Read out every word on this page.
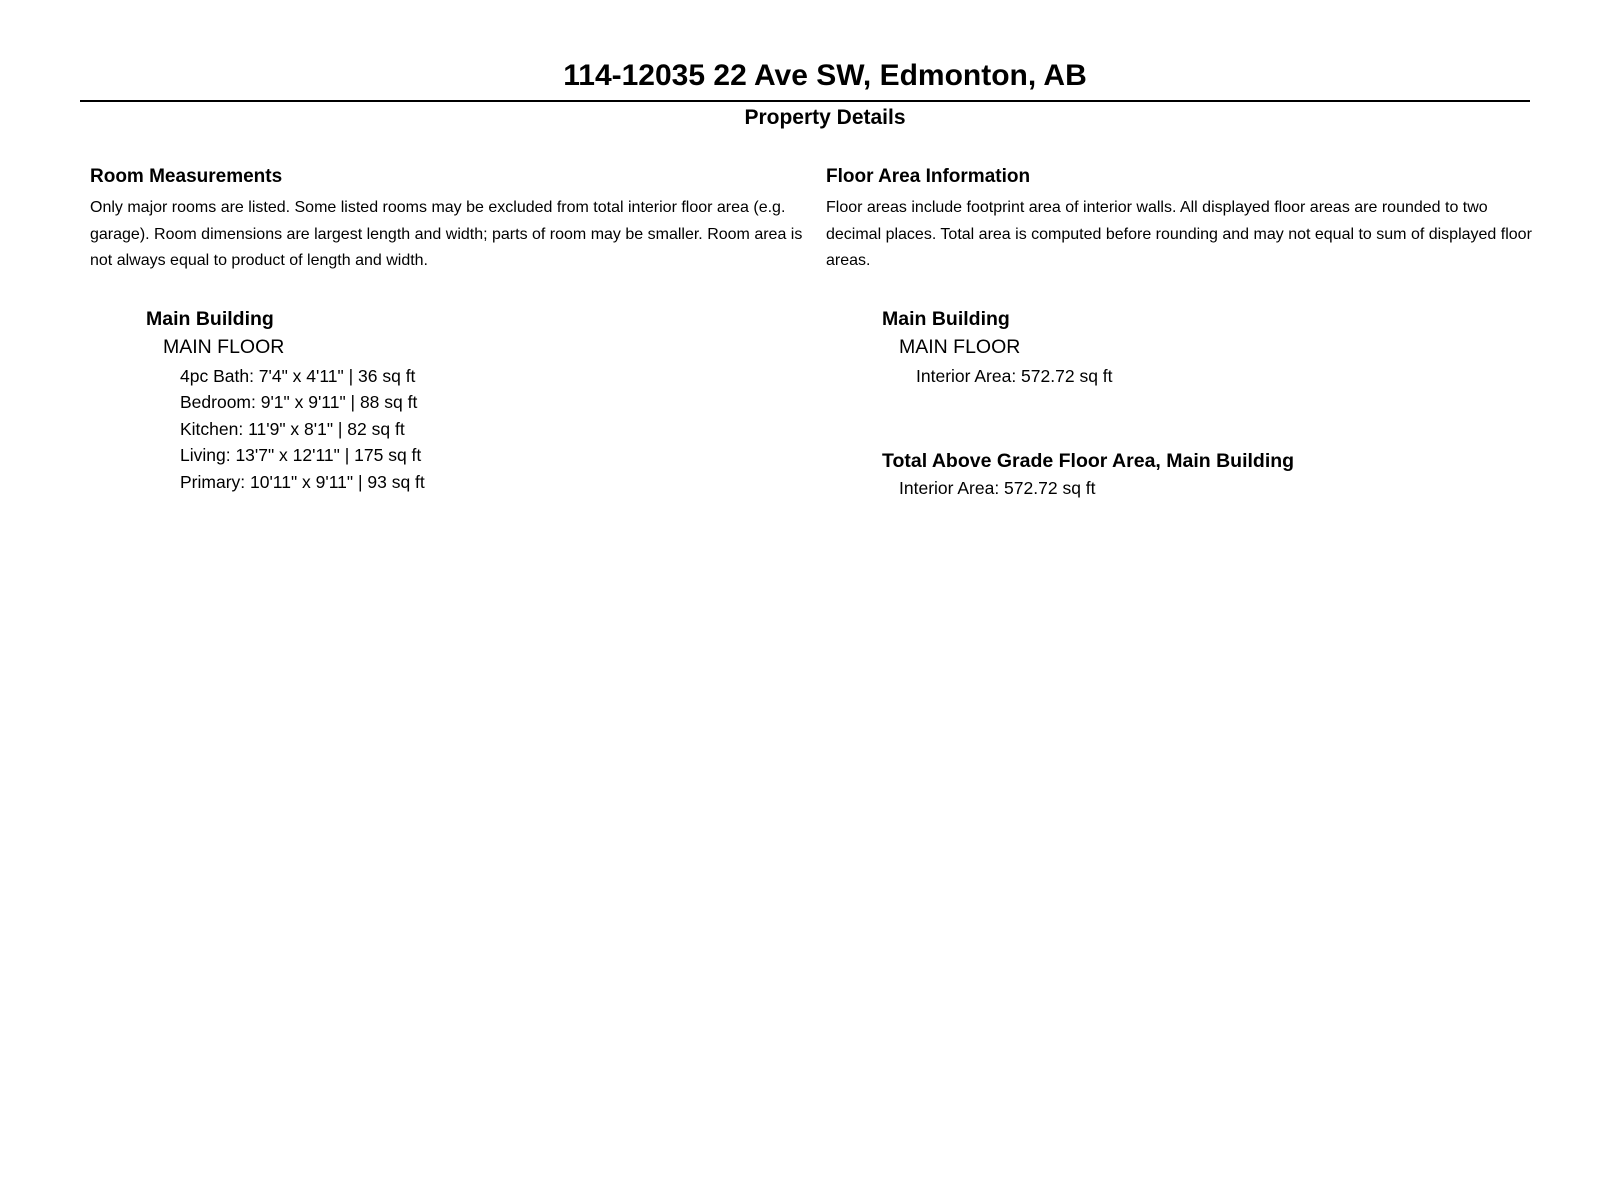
114-12035 22 Ave SW, Edmonton, AB
Property Details
Room Measurements
Only major rooms are listed. Some listed rooms may be excluded from total interior floor area (e.g. garage). Room dimensions are largest length and width; parts of room may be smaller. Room area is not always equal to product of length and width.
Main Building
MAIN FLOOR
4pc Bath: 7'4" x 4'11" | 36 sq ft
Bedroom: 9'1" x 9'11" | 88 sq ft
Kitchen: 11'9" x 8'1" | 82 sq ft
Living: 13'7" x 12'11" | 175 sq ft
Primary: 10'11" x 9'11" | 93 sq ft
Floor Area Information
Floor areas include footprint area of interior walls. All displayed floor areas are rounded to two decimal places. Total area is computed before rounding and may not equal to sum of displayed floor areas.
Main Building
MAIN FLOOR
Interior Area: 572.72 sq ft
Total Above Grade Floor Area, Main Building
Interior Area: 572.72 sq ft
